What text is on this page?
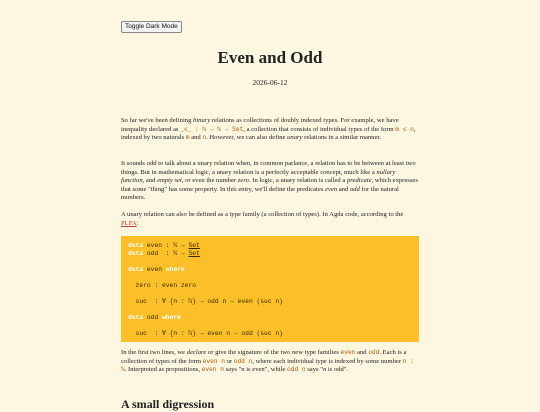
Toggle Dark Mode
Even and Odd
2026-06-12

So far we've been defining binary relations as collections of doubly indexed types. For example, we have inequality declared as _≤_ : ℕ → ℕ → Set, a collection that consists of individual types of the form m ≤ n, indexed by two naturals m and n. However, we can also define unary relations in a similar manner.

It sounds odd to talk about a unary relation when, in common parlance, a relation has to be between at least two things. But in mathematical logic, a unary relation is a perfectly acceptable concept, much like a nullary function, and empty set, or even the number zero. In logic, a unary relation is called a predicate, which expresses that some "thing" has some property. In this entry, we'll define the predicates even and odd for the natural numbers.

A unary relation can also be defined as a type family (a collection of types). In Agda code, according to the PLFA:

data even : ℕ → Set
data odd  : ℕ → Set
data even where
zero : even zero
suc  : ∀ {n : ℕ} → odd n → even (suc n)
data odd where
suc  : ∀ {n : ℕ} → even n → odd (suc n)

In the first two lines, we declare or give the signature of the two new type families even and odd. Each is a collection of types of the form even n or odd n, where each individual type is indexed by some number n : ℕ. Interpreted as propositions, even n says "n is even", while odd n says "n is odd".

A small digression
